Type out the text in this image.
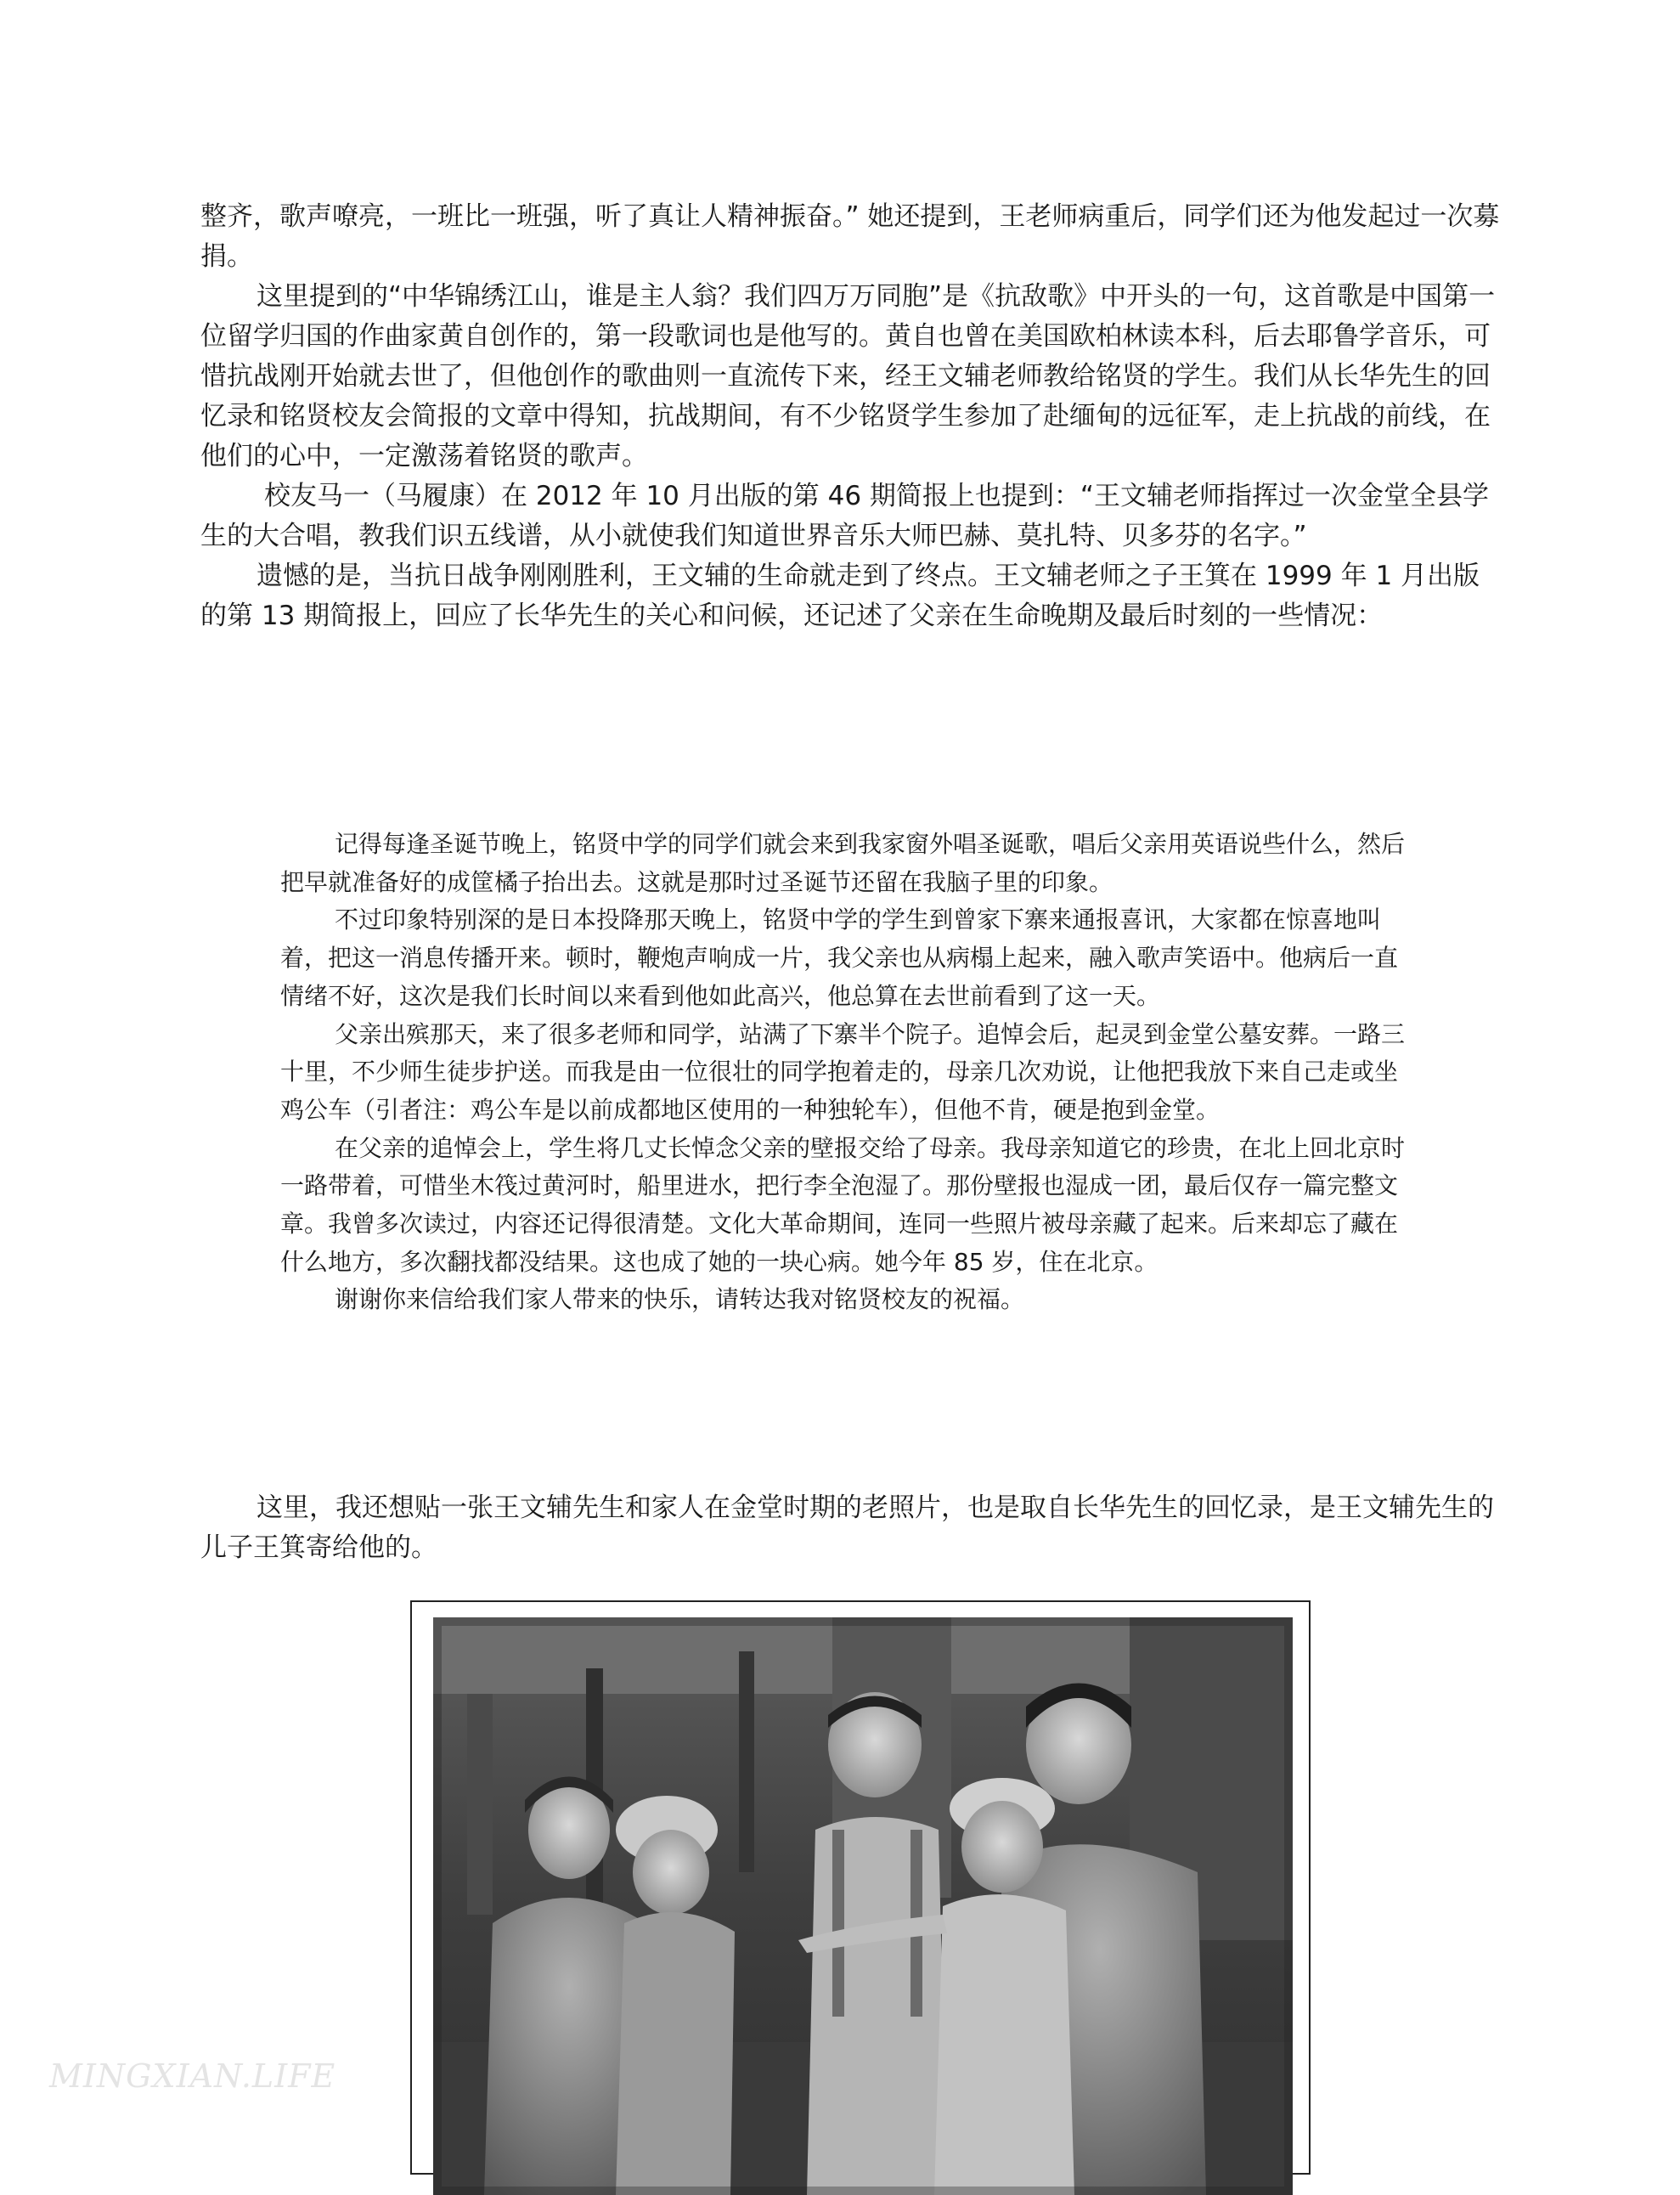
整齐，歌声嘹亮，一班比一班强，听了真让人精神振奋。” 她还提到，王老师病重后，同学们还为他发起过一次募捐。

这里提到的“中华锦绣江山，谁是主人翁？我们四万万同胞”是《抗敌歌》中开头的一句，这首歌是中国第一位留学归国的作曲家黄自创作的，第一段歌词也是他写的。黄自也曾在美国欧柏林读本科，后去耶鲁学音乐，可惜抗战刚开始就去世了，但他创作的歌曲则一直流传下来，经王文辅老师教给铭贤的学生。我们从长华先生的回忆录和铭贤校友会简报的文章中得知，抗战期间，有不少铭贤学生参加了赴缅甸的远征军，走上抗战的前线，在他们的心中，一定激荡着铭贤的歌声。

校友马一（马履康）在 2012 年 10 月出版的第 46 期简报上也提到：“王文辅老师指挥过一次金堂全县学生的大合唱，教我们识五线谱，从小就使我们知道世界音乐大师巴赫、莫扎特、贝多芬的名字。”

遗憾的是，当抗日战争刚刚胜利，王文辅的生命就走到了终点。王文辅老师之子王箕在 1999 年 1 月出版的第 13 期简报上，回应了长华先生的关心和问候，还记述了父亲在生命晚期及最后时刻的一些情况：

记得每逢圣诞节晚上，铭贤中学的同学们就会来到我家窗外唱圣诞歌，唱后父亲用英语说些什么，然后把早就准备好的成筐橘子抬出去。这就是那时过圣诞节还留在我脑子里的印象。

不过印象特别深的是日本投降那天晚上，铭贤中学的学生到曾家下寨来通报喜讯，大家都在惊喜地叫着，把这一消息传播开来。顿时，鞭炮声响成一片，我父亲也从病榻上起来，融入歌声笑语中。他病后一直情绪不好，这次是我们长时间以来看到他如此高兴，他总算在去世前看到了这一天。

父亲出殡那天，来了很多老师和同学，站满了下寨半个院子。追悼会后，起灵到金堂公墓安葬。一路三十里，不少师生徒步护送。而我是由一位很壮的同学抱着走的，母亲几次劝说，让他把我放下来自己走或坐鸡公车（引者注：鸡公车是以前成都地区使用的一种独轮车），但他不肯，硬是抱到金堂。

在父亲的追悼会上，学生将几丈长悼念父亲的壁报交给了母亲。我母亲知道它的珍贵，在北上回北京时一路带着，可惜坐木筏过黄河时，船里进水，把行李全泡湿了。那份壁报也湿成一团，最后仅存一篇完整文章。我曾多次读过，内容还记得很清楚。文化大革命期间，连同一些照片被母亲藏了起来。后来却忘了藏在什么地方，多次翻找都没结果。这也成了她的一块心病。她今年 85 岁，住在北京。

谢谢你来信给我们家人带来的快乐，请转达我对铭贤校友的祝福。

这里，我还想贴一张王文辅先生和家人在金堂时期的老照片，也是取自长华先生的回忆录，是王文辅先生的儿子王箕寄给他的。

MINGXIAN.LIFE
